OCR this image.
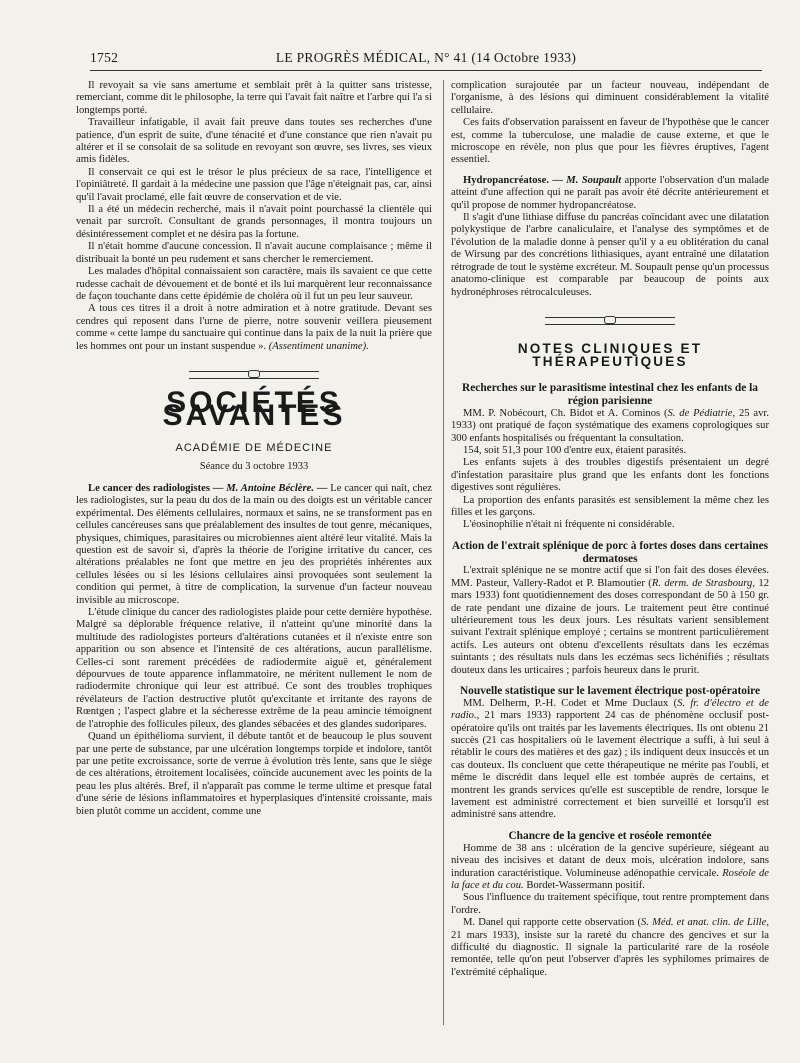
1752	LE PROGRÈS MÉDICAL, N° 41 (14 Octobre 1933)

Il revoyait sa vie sans amertume et semblait prêt à la quitter sans tristesse, remerciant, comme dit le philosophe, la terre qui l'avait fait naître et l'arbre qui l'a si longtemps porté.

Travailleur infatigable, il avait fait preuve dans toutes ses recherches d'une patience, d'un esprit de suite, d'une ténacité et d'une constance que rien n'avait pu altérer et il se consolait de sa solitude en revoyant son œuvre, ses livres, ses vieux amis fidèles.

Il conservait ce qui est le trésor le plus précieux de sa race, l'intelligence et l'opiniâtreté. Il gardait à la médecine une passion que l'âge n'éteignait pas, car, ainsi qu'il l'avait proclamé, elle fait œuvre de conservation et de vie.

Il a été un médecin recherché, mais il n'avait point pourchassé la clientèle qui venait par surcroît. Consultant de grands personnages, il montra toujours un désintéressement complet et ne désira pas la fortune.

Il n'était homme d'aucune concession. Il n'avait aucune complaisance ; même il distribuait la bonté un peu rudement et sans chercher le remerciement.

Les malades d'hôpital connaissaient son caractère, mais ils savaient ce que cette rudesse cachait de dévouement et de bonté et ils lui marquèrent leur reconnaissance de façon touchante dans cette épidémie de choléra où il fut un peu leur sauveur.

A tous ces titres il a droit à notre admiration et à notre gratitude. Devant ses cendres qui reposent dans l'urne de pierre, notre souvenir veillera pieusement comme « cette lampe du sanctuaire qui continue dans la paix de la nuit la prière que les hommes ont pour un instant suspendue ». (Assentiment unanime).

SOCIÉTÉS SAVANTES
ACADÉMIE DE MÉDECINE
Séance du 3 octobre 1933

Le cancer des radiologistes — M. Antoine Béclère. — Le cancer qui naît, chez les radiologistes, sur la peau du dos de la main ou des doigts est un véritable cancer expérimental. Des éléments cellulaires, normaux et sains, ne se transforment pas en cellules cancéreuses sans que préalablement des insultes de tout genre, mécaniques, physiques, chimiques, parasitaires ou microbiennes aient altéré leur vitalité. Mais la question est de savoir si, d'après la théorie de l'origine irritative du cancer, ces altérations préalables ne font que mettre en jeu des propriétés inhérentes aux cellules lésées ou si les lésions cellulaires ainsi provoquées sont seulement la condition qui permet, à titre de complication, la survenue d'un facteur nouveau invisible au microscope.

L'étude clinique du cancer des radiologistes plaide pour cette dernière hypothèse. Malgré sa déplorable fréquence relative, il n'atteint qu'une minorité dans la multitude des radiologistes porteurs d'altérations cutanées et il n'existe entre son apparition ou son absence et l'intensité de ces altérations, aucun parallélisme. Celles-ci sont rarement précédées de radiodermite aiguë et, généralement dépourvues de toute apparence inflammatoire, ne méritent nullement le nom de radiodermite chronique qui leur est attribué. Ce sont des troubles trophiques révélateurs de l'action destructive plutôt qu'excitante et irritante des rayons de Rœntgen ; l'aspect glabre et la sécheresse extrême de la peau amincie témoignent de l'atrophie des follicules pileux, des glandes sébacées et des glandes sudoripares.

Quand un épithélioma survient, il débute tantôt et de beaucoup le plus souvent par une perte de substance, par une ulcération longtemps torpide et indolore, tantôt par une petite excroissance, sorte de verrue à évolution très lente, sans que le siège de ces altérations, étroitement localisées, coïncide aucunement avec les points de la peau les plus altérés. Bref, il n'apparaît pas comme le terme ultime et presque fatal d'une série de lésions inflammatoires et hyperplasiques d'intensité croissante, mais bien plutôt comme un accident, comme une

complication surajoutée par un facteur nouveau, indépendant de l'organisme, à des lésions qui diminuent considérablement la vitalité cellulaire.

Ces faits d'observation paraissent en faveur de l'hypothèse que le cancer est, comme la tuberculose, une maladie de cause externe, et que le microscope en révèle, non plus que pour les fièvres éruptives, l'agent essentiel.

Hydropancréatose. — M. Soupault apporte l'observation d'un malade atteint d'une affection qui ne paraît pas avoir été décrite antérieurement et qu'il propose de nommer hydropancréatose.

Il s'agit d'une lithiase diffuse du pancréas coïncidant avec une dilatation polykystique de l'arbre canaliculaire, et l'analyse des symptômes et de l'évolution de la maladie donne à penser qu'il y a eu oblitération du canal de Wirsung par des concrétions lithiasiques, ayant entraîné une dilatation rétrograde de tout le système excréteur. M. Soupault pense qu'un processus anatomo-clinique est comparable par beaucoup de points aux hydronéphroses rétrocalculeuses.

NOTES CLINIQUES ET THÉRAPEUTIQUES

Recherches sur le parasitisme intestinal chez les enfants de la région parisienne

MM. P. Nobécourt, Ch. Bidot et A. Cominos (S. de Pédiatrie, 25 avr. 1933) ont pratiqué de façon systématique des examens coprologiques sur 300 enfants hospitalisés ou fréquentant la consultation.

154, soit 51,3 pour 100 d'entre eux, étaient parasités.

Les enfants sujets à des troubles digestifs présentaient un degré d'infestation parasitaire plus grand que les enfants dont les fonctions digestives sont régulières.

La proportion des enfants parasités est sensiblement la même chez les filles et les garçons.

L'éosinophilie n'était ni fréquente ni considérable.

Action de l'extrait splénique de porc à fortes doses dans certaines dermatoses

L'extrait splénique ne se montre actif que si l'on fait des doses élevées. MM. Pasteur, Vallery-Radot et P. Blamoutier (R. derm. de Strasbourg, 12 mars 1933) font quotidiennement des doses correspondant de 50 à 150 gr. de rate pendant une dizaine de jours. Le traitement peut être continué ultérieurement tous les deux jours. Les résultats varient sensiblement suivant l'extrait splénique employé ; certains se montrent particulièrement actifs. Les auteurs ont obtenu d'excellents résultats dans les eczémas suintants ; des résultats nuls dans les eczémas secs lichénifiés ; résultats douteux dans les urticaires ; parfois heureux dans le prurit.

Nouvelle statistique sur le lavement électrique post-opératoire

MM. Delherm, P.-H. Codet et Mme Duclaux (S. fr. d'électro et de radio., 21 mars 1933) rapportent 24 cas de phénomène occlusif post-opératoire qu'ils ont traités par les lavements électriques. Ils ont obtenu 21 succès (21 cas hospitaliers où le lavement électrique a suffi, à lui seul à rétablir le cours des matières et des gaz) ; ils indiquent deux insuccès et un cas douteux. Ils concluent que cette thérapeutique ne mérite pas l'oubli, et même le discrédit dans lequel elle est tombée auprès de certains, et montrent les grands services qu'elle est susceptible de rendre, lorsque le lavement est administré correctement et bien surveillé et lorsqu'il est administré sans attendre.

Chancre de la gencive et roséole remontée

Homme de 38 ans : ulcération de la gencive supérieure, siégeant au niveau des incisives et datant de deux mois, ulcération indolore, sans induration caractéristique. Volumineuse adénopathie cervicale. Roséole de la face et du cou. Bordet-Wassermann positif.

Sous l'influence du traitement spécifique, tout rentre promptement dans l'ordre.

M. Danel qui rapporte cette observation (S. Méd. et anat. clin. de Lille, 21 mars 1933), insiste sur la rareté du chancre des gencives et sur la difficulté du diagnostic. Il signale la particularité rare de la roséole remontée, telle qu'on peut l'observer d'après les syphilomes primaires de l'extrémité céphalique.
